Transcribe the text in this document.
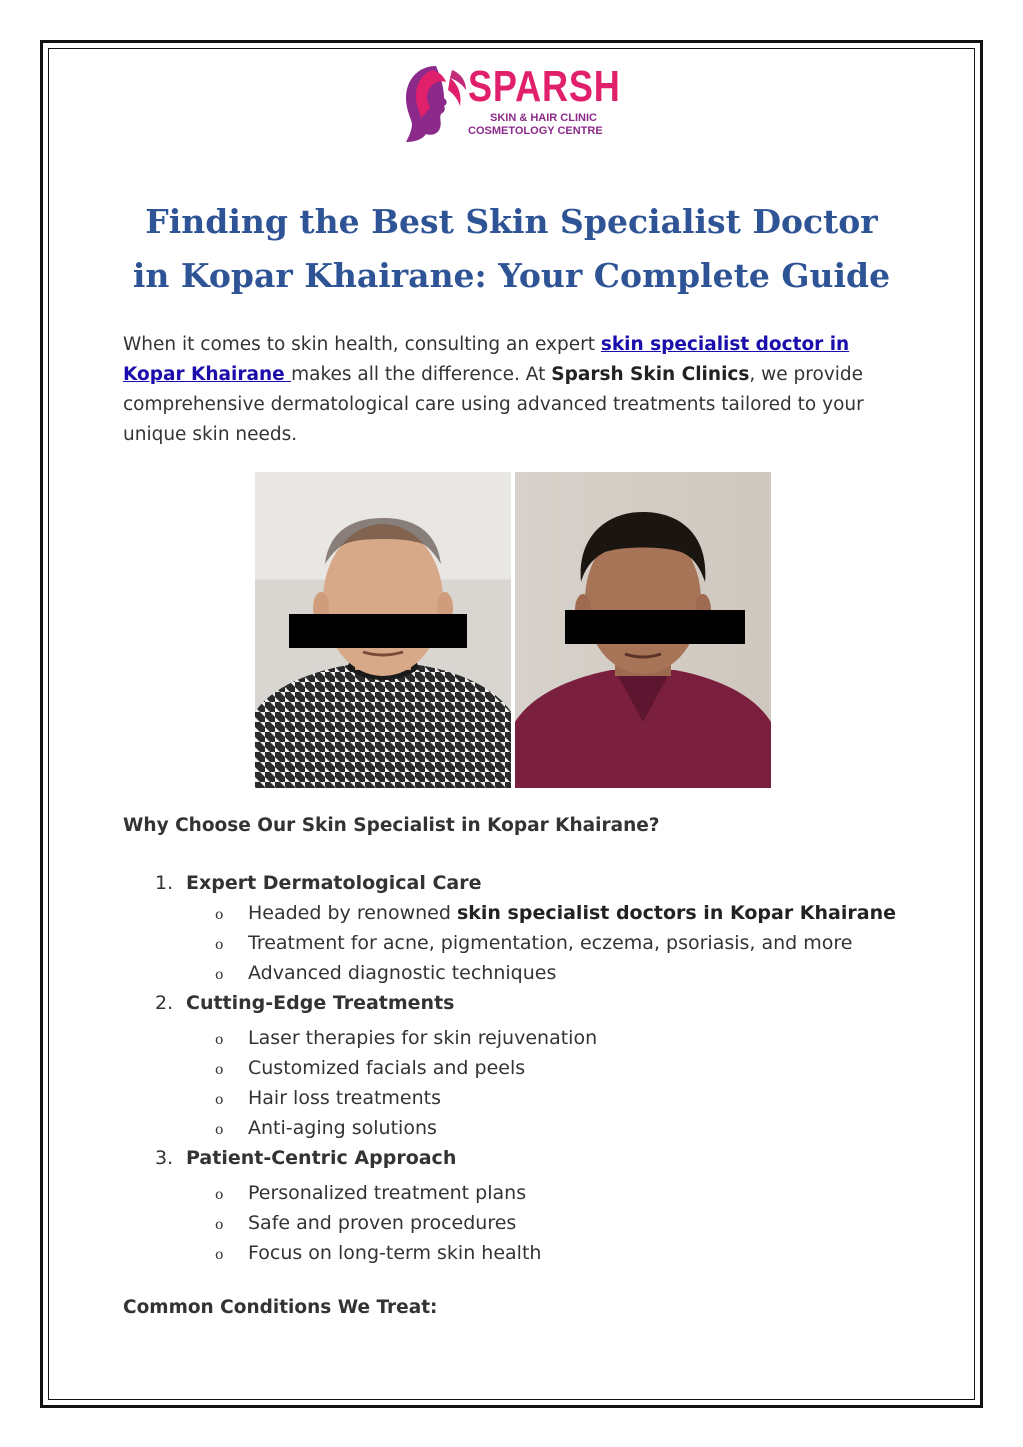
SPARSH
SKIN & HAIR CLINIC
COSMETOLOGY CENTRE
Finding the Best Skin Specialist Doctor
in Kopar Khairane: Your Complete Guide

When it comes to skin health, consulting an expert skin specialist doctor in Kopar Khairane makes all the difference. At Sparsh Skin Clinics, we provide comprehensive dermatological care using advanced treatments tailored to your unique skin needs.

Why Choose Our Skin Specialist in Kopar Khairane?
1. Expert Dermatological Care
o Headed by renowned skin specialist doctors in Kopar Khairane
o Treatment for acne, pigmentation, eczema, psoriasis, and more
o Advanced diagnostic techniques
2. Cutting-Edge Treatments
o Laser therapies for skin rejuvenation
o Customized facials and peels
o Hair loss treatments
o Anti-aging solutions
3. Patient-Centric Approach
o Personalized treatment plans
o Safe and proven procedures
o Focus on long-term skin health
Common Conditions We Treat:
